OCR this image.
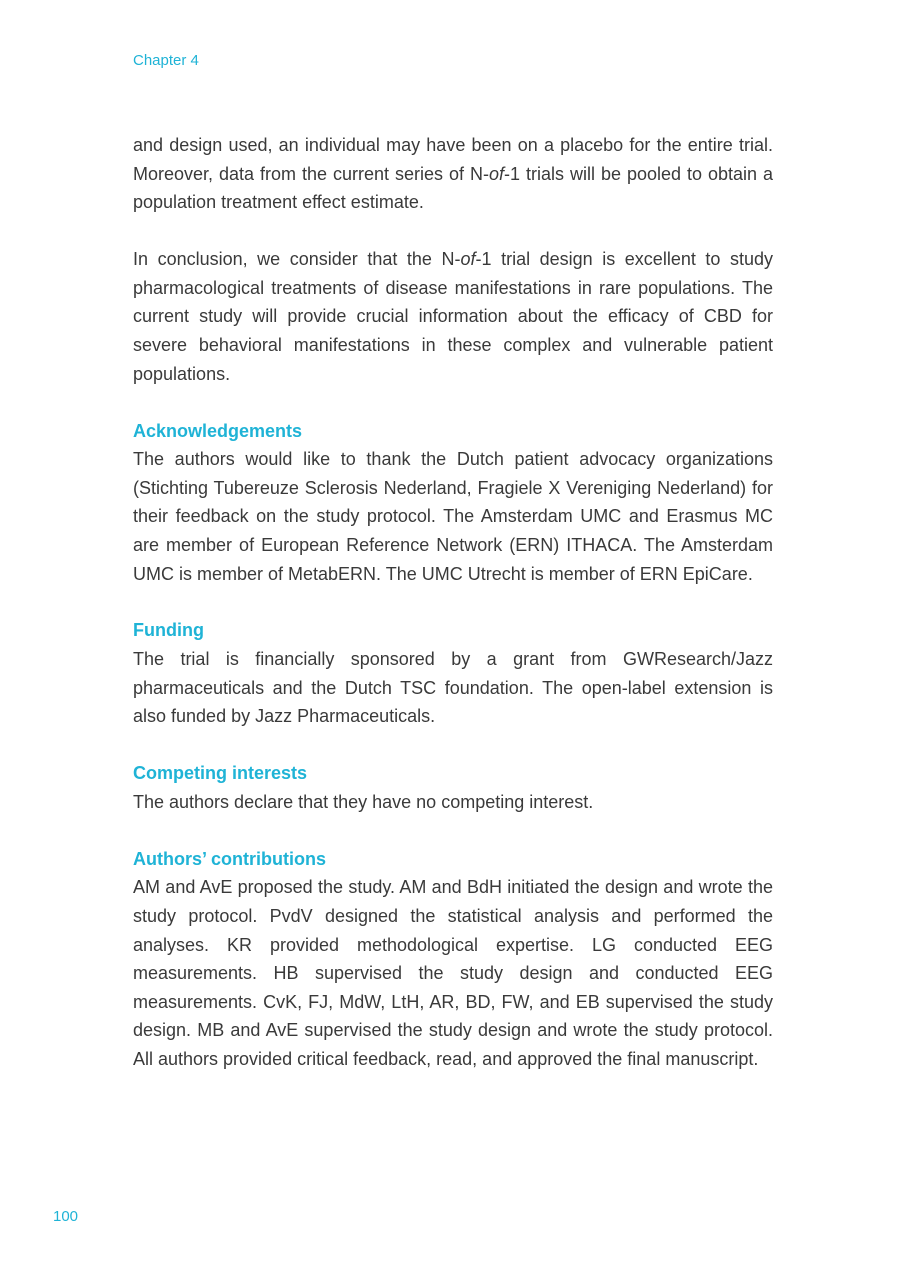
Chapter 4

and design used, an individual may have been on a placebo for the entire trial. Moreover, data from the current series of N-of-1 trials will be pooled to obtain a population treatment effect estimate.

In conclusion, we consider that the N-of-1 trial design is excellent to study pharmacological treatments of disease manifestations in rare populations. The current study will provide crucial information about the efficacy of CBD for severe behavioral manifestations in these complex and vulnerable patient populations.

Acknowledgements

The authors would like to thank the Dutch patient advocacy organizations (Stichting Tubereuze Sclerosis Nederland, Fragiele X Vereniging Nederland) for their feedback on the study protocol. The Amsterdam UMC and Erasmus MC are member of European Reference Network (ERN) ITHACA. The Amsterdam UMC is member of MetabERN. The UMC Utrecht is member of ERN EpiCare.

Funding

The trial is financially sponsored by a grant from GWResearch/Jazz pharmaceuticals and the Dutch TSC foundation. The open-label extension is also funded by Jazz Pharmaceuticals.

Competing interests

The authors declare that they have no competing interest.

Authors’ contributions

AM and AvE proposed the study. AM and BdH initiated the design and wrote the study protocol. PvdV designed the statistical analysis and performed the analyses. KR provided methodological expertise. LG conducted EEG measurements. HB supervised the study design and conducted EEG measurements. CvK, FJ, MdW, LtH, AR, BD, FW, and EB supervised the study design. MB and AvE supervised the study design and wrote the study protocol. All authors provided critical feedback, read, and approved the final manuscript.

100
